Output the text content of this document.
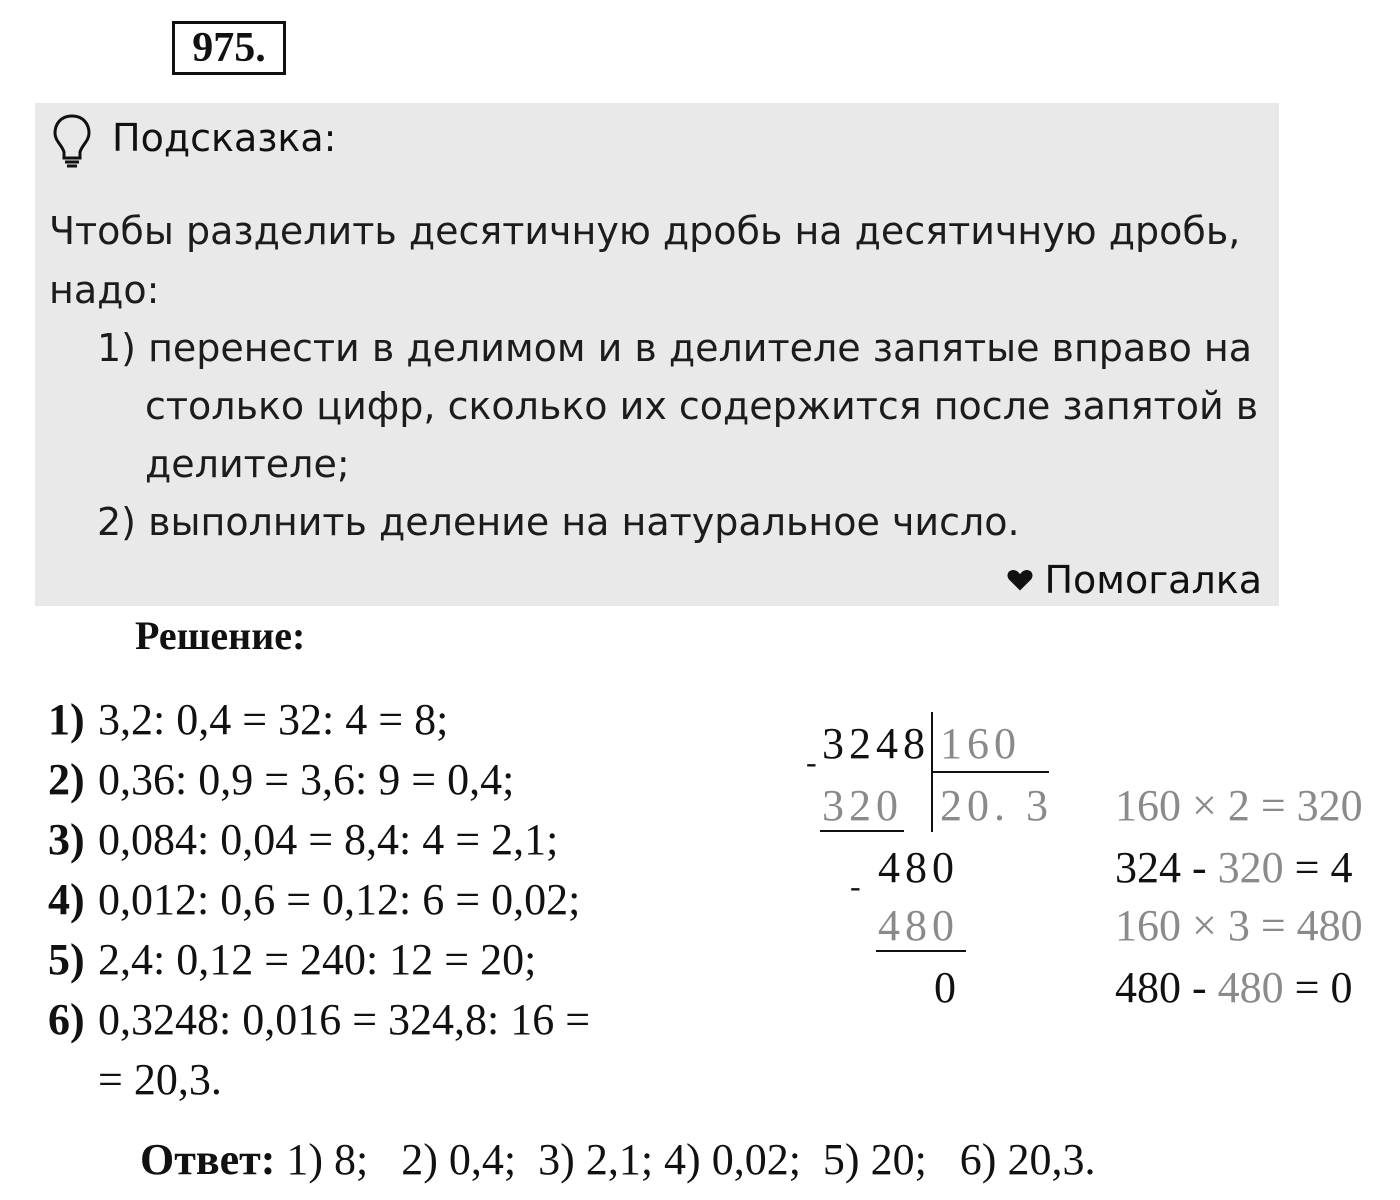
975.
Подсказка:
Чтобы разделить десятичную дробь на десятичную дробь,
надо:
1) перенести в делимом и в делителе запятые вправо на
столько цифр, сколько их содержится после запятой в
делителе;
2) выполнить деление на натуральное число.
Помогалка
Решение:
1) 3,2: 0,4 = 32: 4 = 8;
2) 0,36: 0,9 = 3,6: 9 = 0,4;
3) 0,084: 0,04 = 8,4: 4 = 2,1;
4) 0,012: 0,6 = 0,12: 6 = 0,02;
5) 2,4: 0,12 = 240: 12 = 20;
6) 0,3248: 0,016 = 324,8: 16 =
= 20,3.
3248 160
-
320 20. 3
480
-
480
0
160 × 2 = 320
324 - 320 = 4
160 × 3 = 480
480 - 480 = 0
Ответ: 1) 8;   2) 0,4;  3) 2,1; 4) 0,02;  5) 20;   6) 20,3.
